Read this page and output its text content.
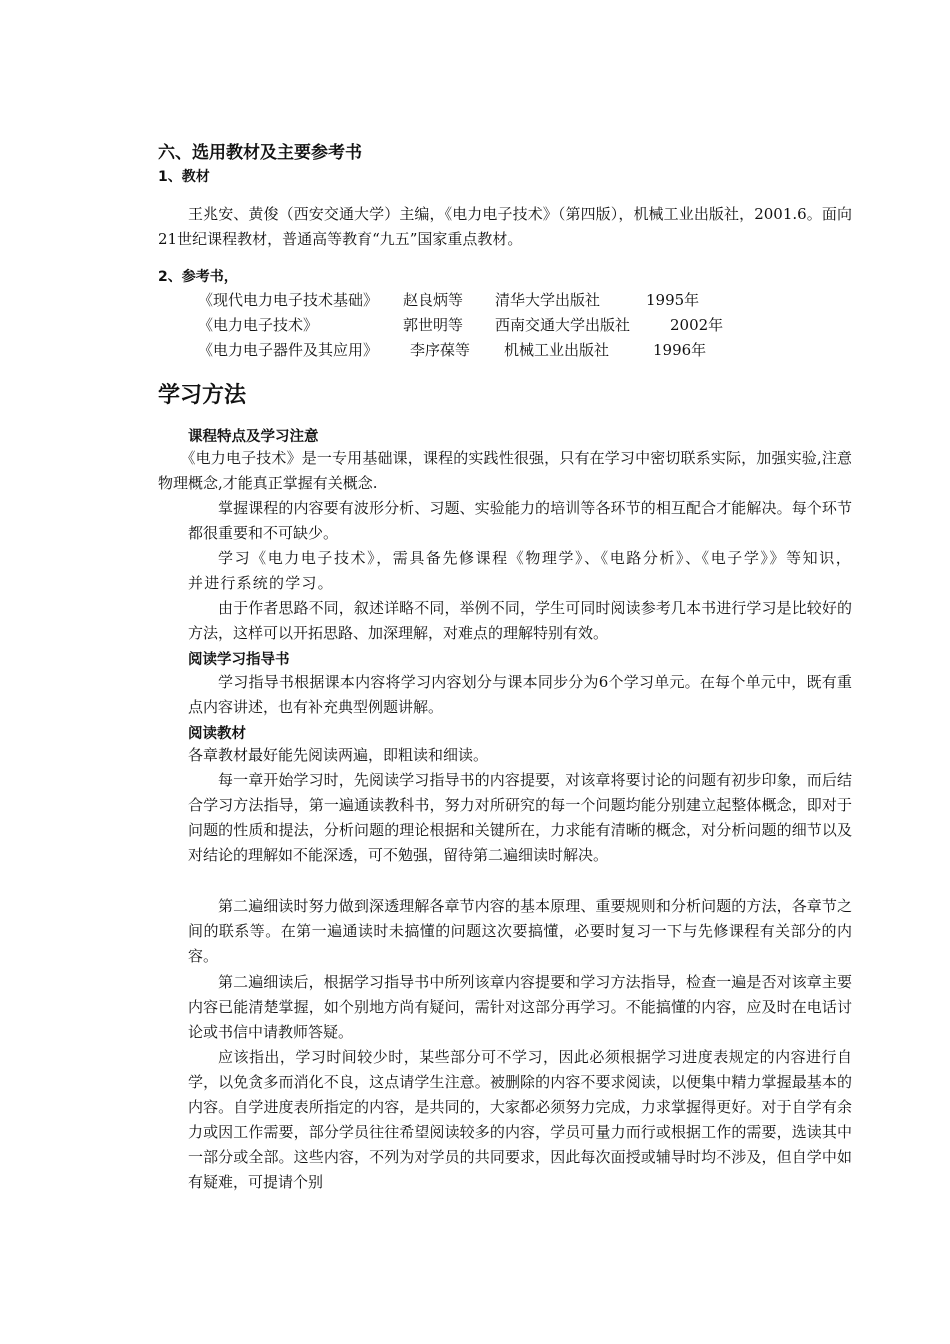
六、选用教材及主要参考书
1、教材

王兆安、黄俊（西安交通大学）主编，《电力电子技术》（第四版），机械工业出版社，2001.6。面向21世纪课程教材，普通高等教育“九五”国家重点教材。

2、参考书，
《现代电力电子技术基础》 赵良炳等 清华大学出版社	1995年
《电力电子技术》	郭世明等 西南交通大学出版社	2002年
《电力电子器件及其应用》 李序葆等 机械工业出版社	1996年
学习方法
课程特点及学习注意

《电力电子技术》是一专用基础课，课程的实践性很强，只有在学习中密切联系实际，加强实验,注意物理概念,才能真正掌握有关概念.

掌握课程的内容要有波形分析、习题、实验能力的培训等各环节的相互配合才能解决。每个环节都很重要和不可缺少。

学习《电力电子技术》，需具备先修课程《物理学》、《电路分析》、《电子学》》等知识，并进行系统的学习。

由于作者思路不同，叙述详略不同，举例不同，学生可同时阅读参考几本书进行学习是比较好的方法，这样可以开拓思路、加深理解，对难点的理解特别有效。

阅读学习指导书

学习指导书根据课本内容将学习内容划分与课本同步分为6个学习单元。在每个单元中，既有重点内容讲述，也有补充典型例题讲解。

阅读教材

各章教材最好能先阅读两遍，即粗读和细读。

每一章开始学习时，先阅读学习指导书的内容提要，对该章将要讨论的问题有初步印象，而后结合学习方法指导，第一遍通读教科书，努力对所研究的每一个问题均能分别建立起整体概念，即对于问题的性质和提法，分析问题的理论根据和关键所在，力求能有清晰的概念，对分析问题的细节以及对结论的理解如不能深透，可不勉强，留待第二遍细读时解决。

第二遍细读时努力做到深透理解各章节内容的基本原理、重要规则和分析问题的方法，各章节之间的联系等。在第一遍通读时未搞懂的问题这次要搞懂，必要时复习一下与先修课程有关部分的内容。

第二遍细读后，根据学习指导书中所列该章内容提要和学习方法指导，检查一遍是否对该章主要内容已能清楚掌握，如个别地方尚有疑问，需针对这部分再学习。不能搞懂的内容，应及时在电话讨论或书信中请教师答疑。

应该指出，学习时间较少时，某些部分可不学习，因此必须根据学习进度表规定的内容进行自学，以免贪多而消化不良，这点请学生注意。被删除的内容不要求阅读，以便集中精力掌握最基本的内容。自学进度表所指定的内容，是共同的，大家都必须努力完成，力求掌握得更好。对于自学有余力或因工作需要，部分学员往往希望阅读较多的内容，学员可量力而行或根据工作的需要，选读其中一部分或全部。这些内容，不列为对学员的共同要求，因此每次面授或辅导时均不涉及，但自学中如有疑难，可提请个别
